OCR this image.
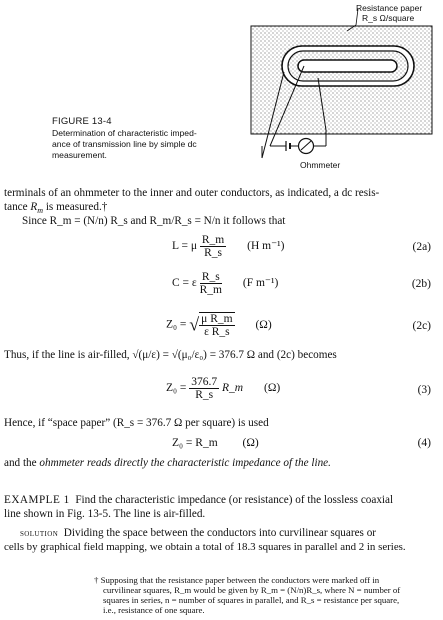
Resistance paper
R_s Ω/square
Ohmmeter
FIGURE 13-4
Determination of characteristic imped-
ance of transmission line by simple dc
measurement.
terminals of an ohmmeter to the inner and outer conductors, as indicated, a dc resis-
tance $R_m$ is measured.†
Since R_m = (N/n) R_s and R_m/R_s = N/n it follows that
L = μ $\frac{R\_m}{R\_s} (H$ m⁻¹)	(2a)
C = ε $\frac{R\_s}{R\_m} (F$ m⁻¹)	(2b)
Z₀ = √ $\frac{\text{μ R\_m}}{\text{ε R\_s}} (\Omega)$	(2c)
Thus, if the line is air-filled, √(μ/ε) = √(μ₀/ε₀) = 376.7 Ω and (2c) becomes
$Z_0 = \frac{376.7}{R\_s}$ R_m (Ω)	(3)
Hence, if “space paper” (R_s = 376.7 Ω per square) is used
Z₀ = R_m (Ω)	(4)
and the ohmmeter reads directly the characteristic impedance of the line.
EXAMPLE 1 Find the characteristic impedance (or resistance) of the lossless coaxial
line shown in Fig. 13-5. The line is air-filled.
solution Dividing the space between the conductors into curvilinear squares or
cells by graphical field mapping, we obtain a total of 18.3 squares in parallel and 2 in series.
† Supposing that the resistance paper between the conductors were marked off in
curvilinear squares, R_m would be given by R_m = (N/n)R_s, where N = number of
squares in series, n = number of squares in parallel, and R_s = resistance per square,
i.e., resistance of one square.
